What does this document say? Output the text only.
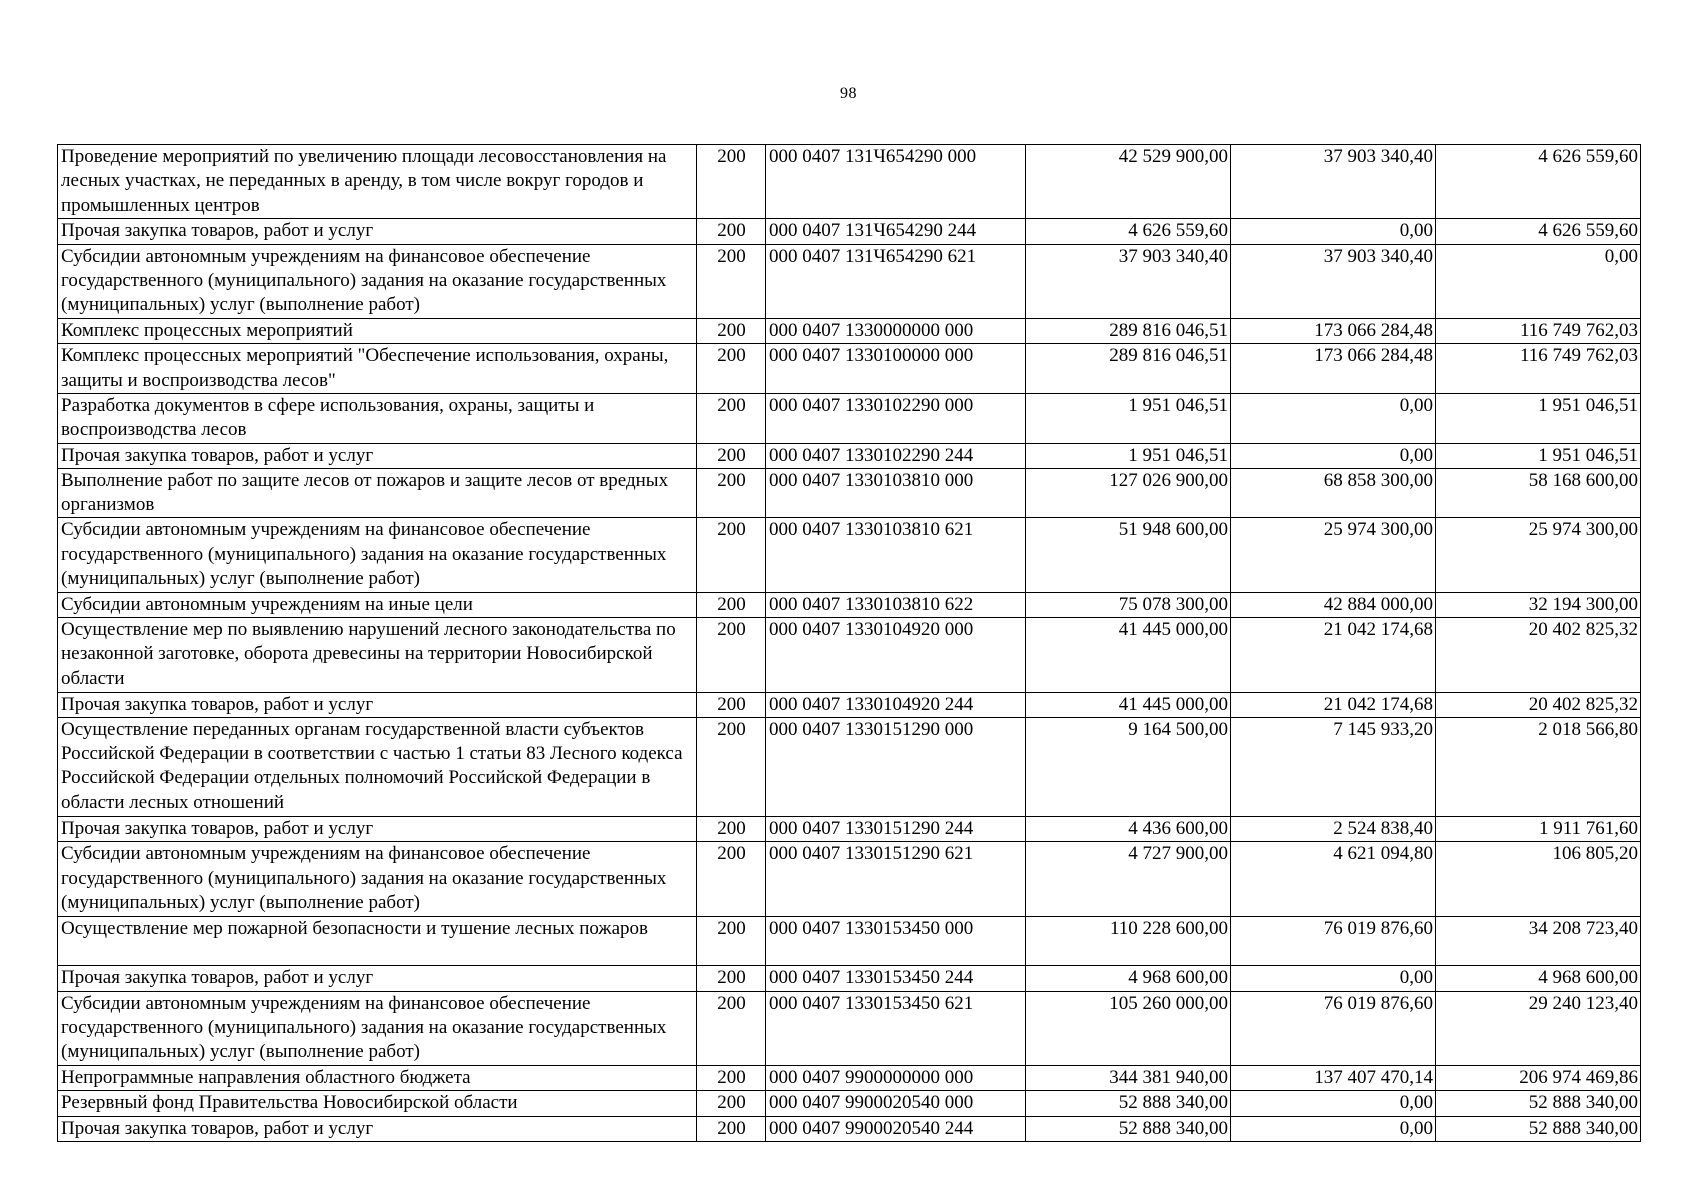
98
Проведение мероприятий по увеличению площади лесовосстановления на лесных участках, не переданных в аренду, в том числе вокруг городов и промышленных центров	200	000 0407 131Ч654290 000	42 529 900,00	37 903 340,40	4 626 559,60
Прочая закупка товаров, работ и услуг	200	000 0407 131Ч654290 244	4 626 559,60	0,00	4 626 559,60
Субсидии автономным учреждениям на финансовое обеспечение государственного (муниципального) задания на оказание государственных (муниципальных) услуг (выполнение работ)	200	000 0407 131Ч654290 621	37 903 340,40	37 903 340,40	0,00
Комплекс процессных мероприятий	200	000 0407 1330000000 000	289 816 046,51	173 066 284,48	116 749 762,03
Комплекс процессных мероприятий "Обеспечение использования, охраны, защиты и воспроизводства лесов"	200	000 0407 1330100000 000	289 816 046,51	173 066 284,48	116 749 762,03
Разработка документов в сфере использования, охраны, защиты и воспроизводства лесов	200	000 0407 1330102290 000	1 951 046,51	0,00	1 951 046,51
Прочая закупка товаров, работ и услуг	200	000 0407 1330102290 244	1 951 046,51	0,00	1 951 046,51
Выполнение работ по защите лесов от пожаров и защите лесов от вредных организмов	200	000 0407 1330103810 000	127 026 900,00	68 858 300,00	58 168 600,00
Субсидии автономным учреждениям на финансовое обеспечение государственного (муниципального) задания на оказание государственных (муниципальных) услуг (выполнение работ)	200	000 0407 1330103810 621	51 948 600,00	25 974 300,00	25 974 300,00
Субсидии автономным учреждениям на иные цели	200	000 0407 1330103810 622	75 078 300,00	42 884 000,00	32 194 300,00
Осуществление мер по выявлению нарушений лесного законодательства по незаконной заготовке, оборота древесины на территории Новосибирской области	200	000 0407 1330104920 000	41 445 000,00	21 042 174,68	20 402 825,32
Прочая закупка товаров, работ и услуг	200	000 0407 1330104920 244	41 445 000,00	21 042 174,68	20 402 825,32
Осуществление переданных органам государственной власти субъектов Российской Федерации в соответствии с частью 1 статьи 83 Лесного кодекса Российской Федерации отдельных полномочий Российской Федерации в области лесных отношений	200	000 0407 1330151290 000	9 164 500,00	7 145 933,20	2 018 566,80
Прочая закупка товаров, работ и услуг	200	000 0407 1330151290 244	4 436 600,00	2 524 838,40	1 911 761,60
Субсидии автономным учреждениям на финансовое обеспечение государственного (муниципального) задания на оказание государственных (муниципальных) услуг (выполнение работ)	200	000 0407 1330151290 621	4 727 900,00	4 621 094,80	106 805,20
Осуществление мер пожарной безопасности и тушение лесных пожаров	200	000 0407 1330153450 000	110 228 600,00	76 019 876,60	34 208 723,40
Прочая закупка товаров, работ и услуг	200	000 0407 1330153450 244	4 968 600,00	0,00	4 968 600,00
Субсидии автономным учреждениям на финансовое обеспечение государственного (муниципального) задания на оказание государственных (муниципальных) услуг (выполнение работ)	200	000 0407 1330153450 621	105 260 000,00	76 019 876,60	29 240 123,40
Непрограммные направления областного бюджета	200	000 0407 9900000000 000	344 381 940,00	137 407 470,14	206 974 469,86
Резервный фонд Правительства Новосибирской области	200	000 0407 9900020540 000	52 888 340,00	0,00	52 888 340,00
Прочая закупка товаров, работ и услуг	200	000 0407 9900020540 244	52 888 340,00	0,00	52 888 340,00
